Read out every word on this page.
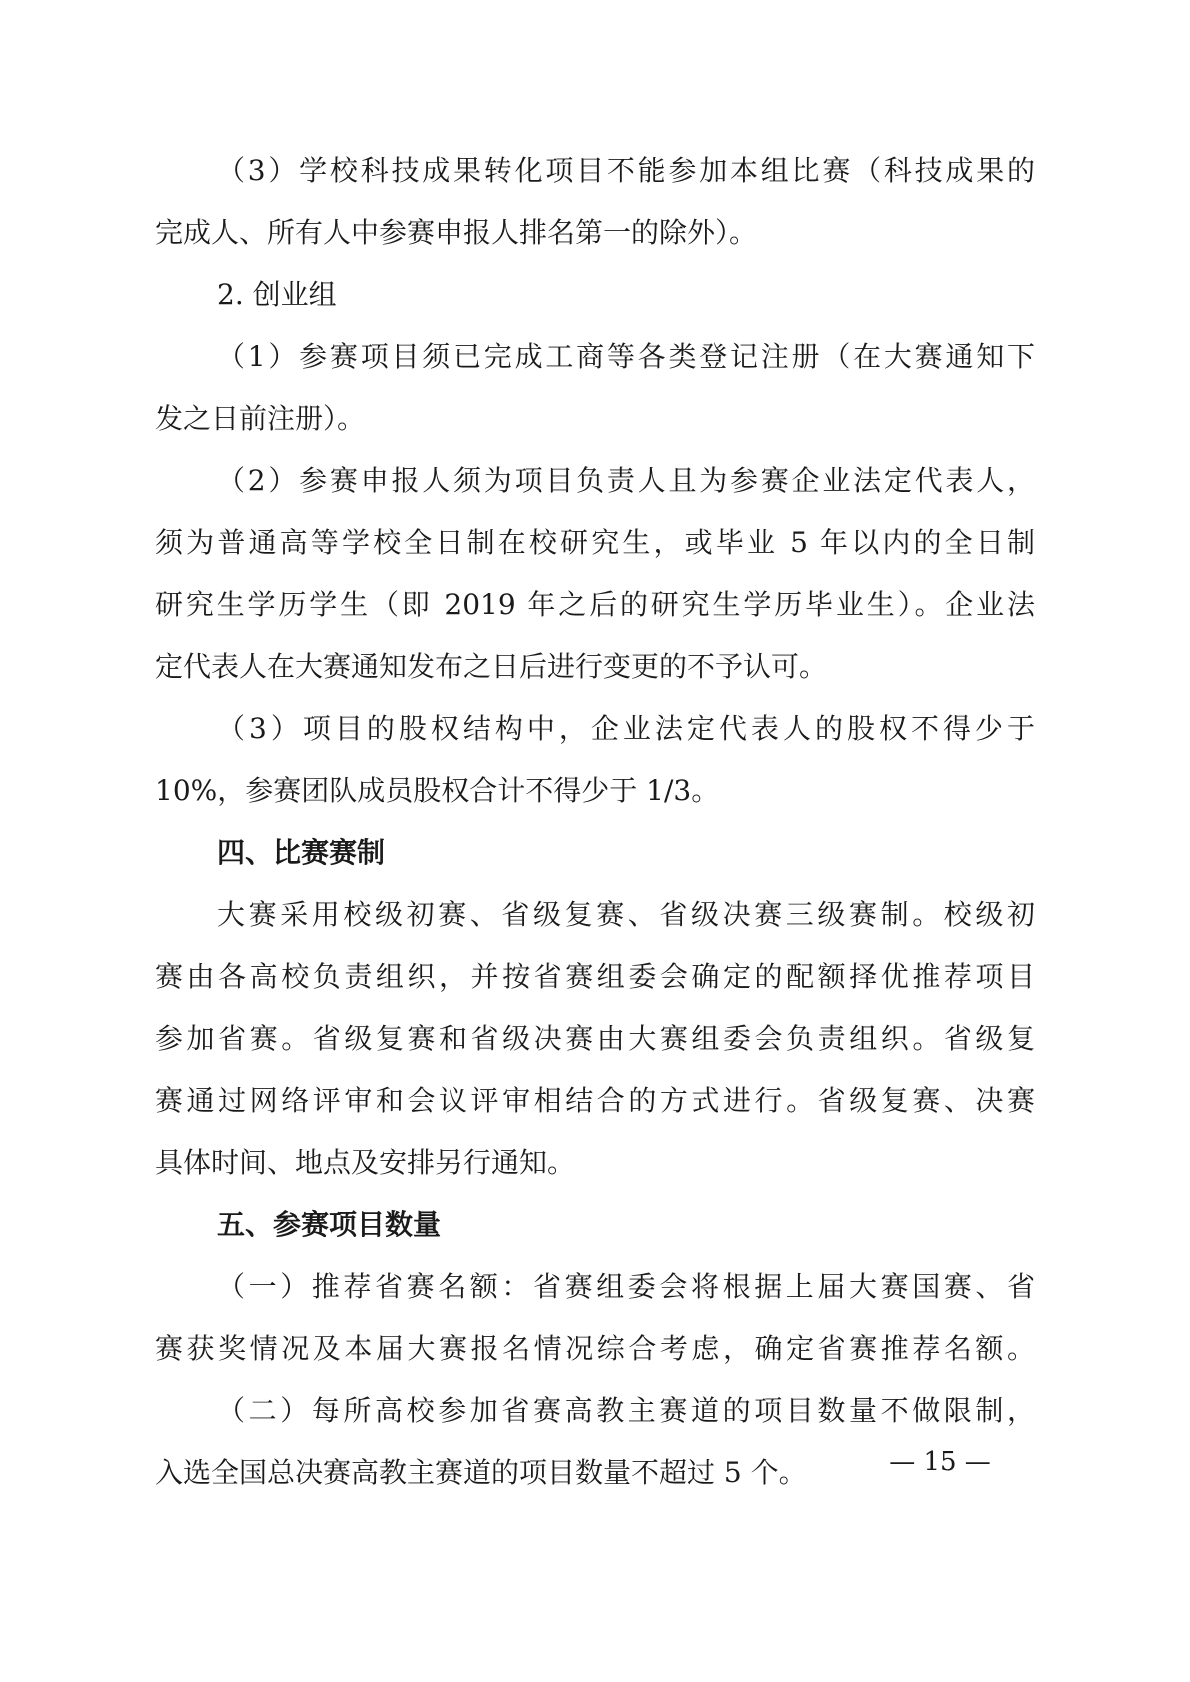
（3）学校科技成果转化项目不能参加本组比赛（科技成果的
完成人、所有人中参赛申报人排名第一的除外）。
2. 创业组
（1）参赛项目须已完成工商等各类登记注册（在大赛通知下
发之日前注册）。
（2）参赛申报人须为项目负责人且为参赛企业法定代表人，
须为普通高等学校全日制在校研究生，或毕业 5 年以内的全日制
研究生学历学生（即 2019 年之后的研究生学历毕业生）。企业法
定代表人在大赛通知发布之日后进行变更的不予认可。
（3）项目的股权结构中，企业法定代表人的股权不得少于
10%，参赛团队成员股权合计不得少于 1/3。
四、比赛赛制
大赛采用校级初赛、省级复赛、省级决赛三级赛制。校级初
赛由各高校负责组织，并按省赛组委会确定的配额择优推荐项目
参加省赛。省级复赛和省级决赛由大赛组委会负责组织。省级复
赛通过网络评审和会议评审相结合的方式进行。省级复赛、决赛
具体时间、地点及安排另行通知。
五、参赛项目数量
（一）推荐省赛名额：省赛组委会将根据上届大赛国赛、省
赛获奖情况及本届大赛报名情况综合考虑，确定省赛推荐名额。
（二）每所高校参加省赛高教主赛道的项目数量不做限制，
入选全国总决赛高教主赛道的项目数量不超过 5 个。	— 15 —
